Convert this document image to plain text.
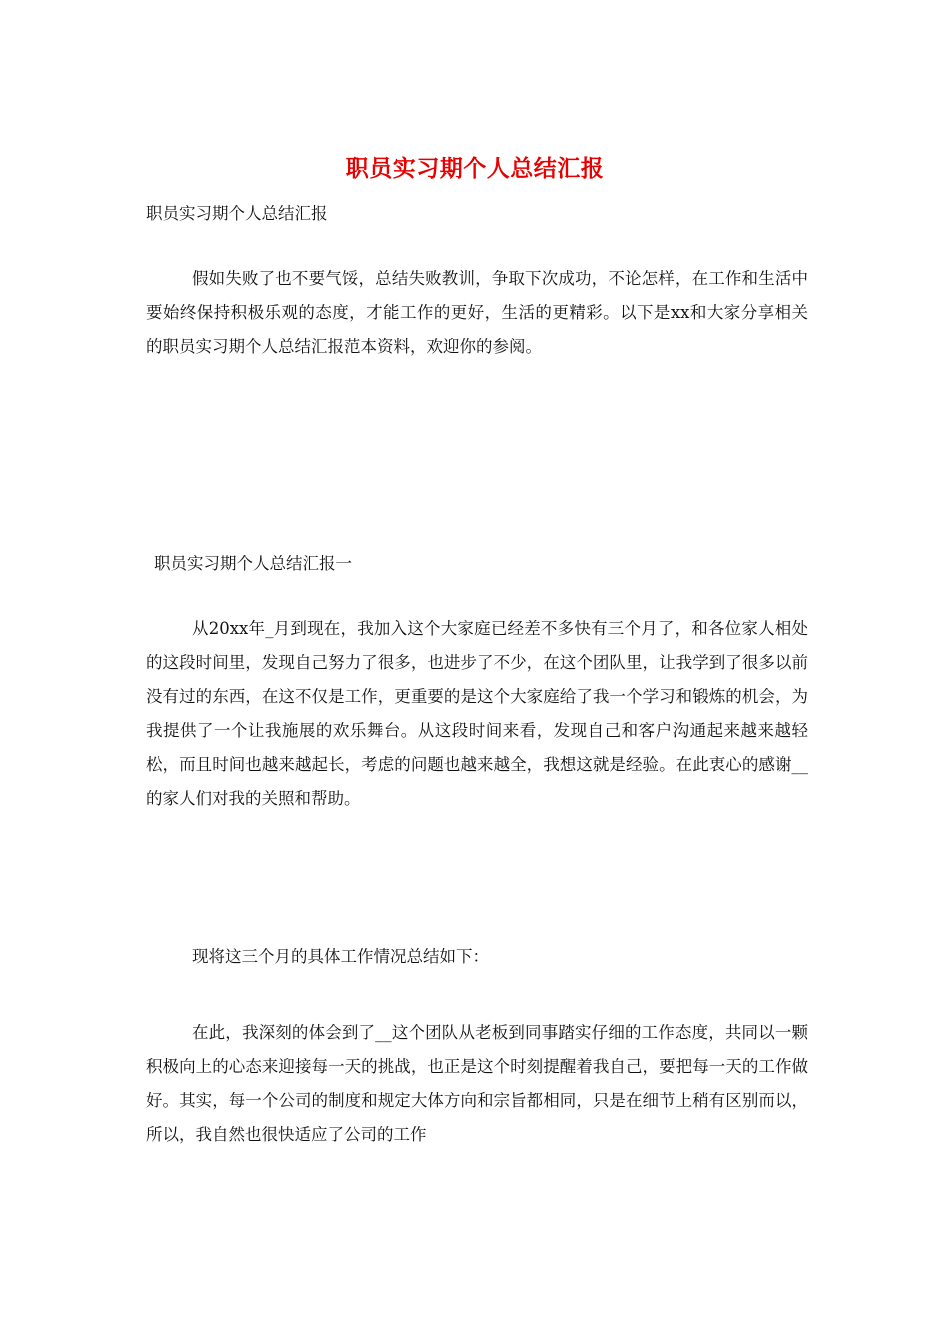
职员实习期个人总结汇报
职员实习期个人总结汇报

假如失败了也不要气馁，总结失败教训，争取下次成功，不论怎样，在工作和生活中要始终保持积极乐观的态度，才能工作的更好，生活的更精彩。以下是xx和大家分享相关的职员实习期个人总结汇报范本资料，欢迎你的参阅。

职员实习期个人总结汇报一

从20xx年_月到现在，我加入这个大家庭已经差不多快有三个月了，和各位家人相处的这段时间里，发现自己努力了很多，也进步了不少，在这个团队里，让我学到了很多以前没有过的东西，在这不仅是工作，更重要的是这个大家庭给了我一个学习和锻炼的机会，为我提供了一个让我施展的欢乐舞台。从这段时间来看，发现自己和客户沟通起来越来越轻松，而且时间也越来越起长，考虑的问题也越来越全，我想这就是经验。在此衷心的感谢__的家人们对我的关照和帮助。

现将这三个月的具体工作情况总结如下：

在此，我深刻的体会到了__这个团队从老板到同事踏实仔细的工作态度，共同以一颗积极向上的心态来迎接每一天的挑战，也正是这个时刻提醒着我自己，要把每一天的工作做好。其实，每一个公司的制度和规定大体方向和宗旨都相同，只是在细节上稍有区别而以，所以，我自然也很快适应了公司的工作
